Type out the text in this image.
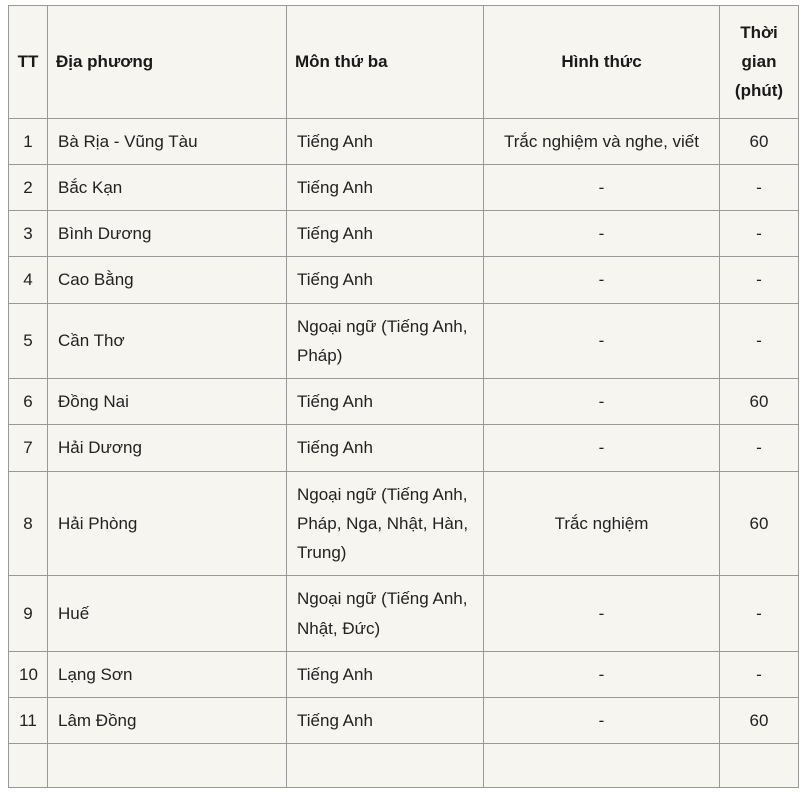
TT	Địa phương	Môn thứ ba	Hình thức	Thời gian (phút)
1	Bà Rịa - Vũng Tàu	Tiếng Anh	Trắc nghiệm và nghe, viết	60
2	Bắc Kạn	Tiếng Anh	-	-
3	Bình Dương	Tiếng Anh	-	-
4	Cao Bằng	Tiếng Anh	-	-
5	Cần Thơ	Ngoại ngữ (Tiếng Anh, Pháp)	-	-
6	Đồng Nai	Tiếng Anh	-	60
7	Hải Dương	Tiếng Anh	-	-
8	Hải Phòng	Ngoại ngữ (Tiếng Anh, Pháp, Nga, Nhật, Hàn, Trung)	Trắc nghiệm	60
9	Huế	Ngoại ngữ (Tiếng Anh, Nhật, Đức)	-	-
10	Lạng Sơn	Tiếng Anh	-	-
11	Lâm Đồng	Tiếng Anh	-	60
